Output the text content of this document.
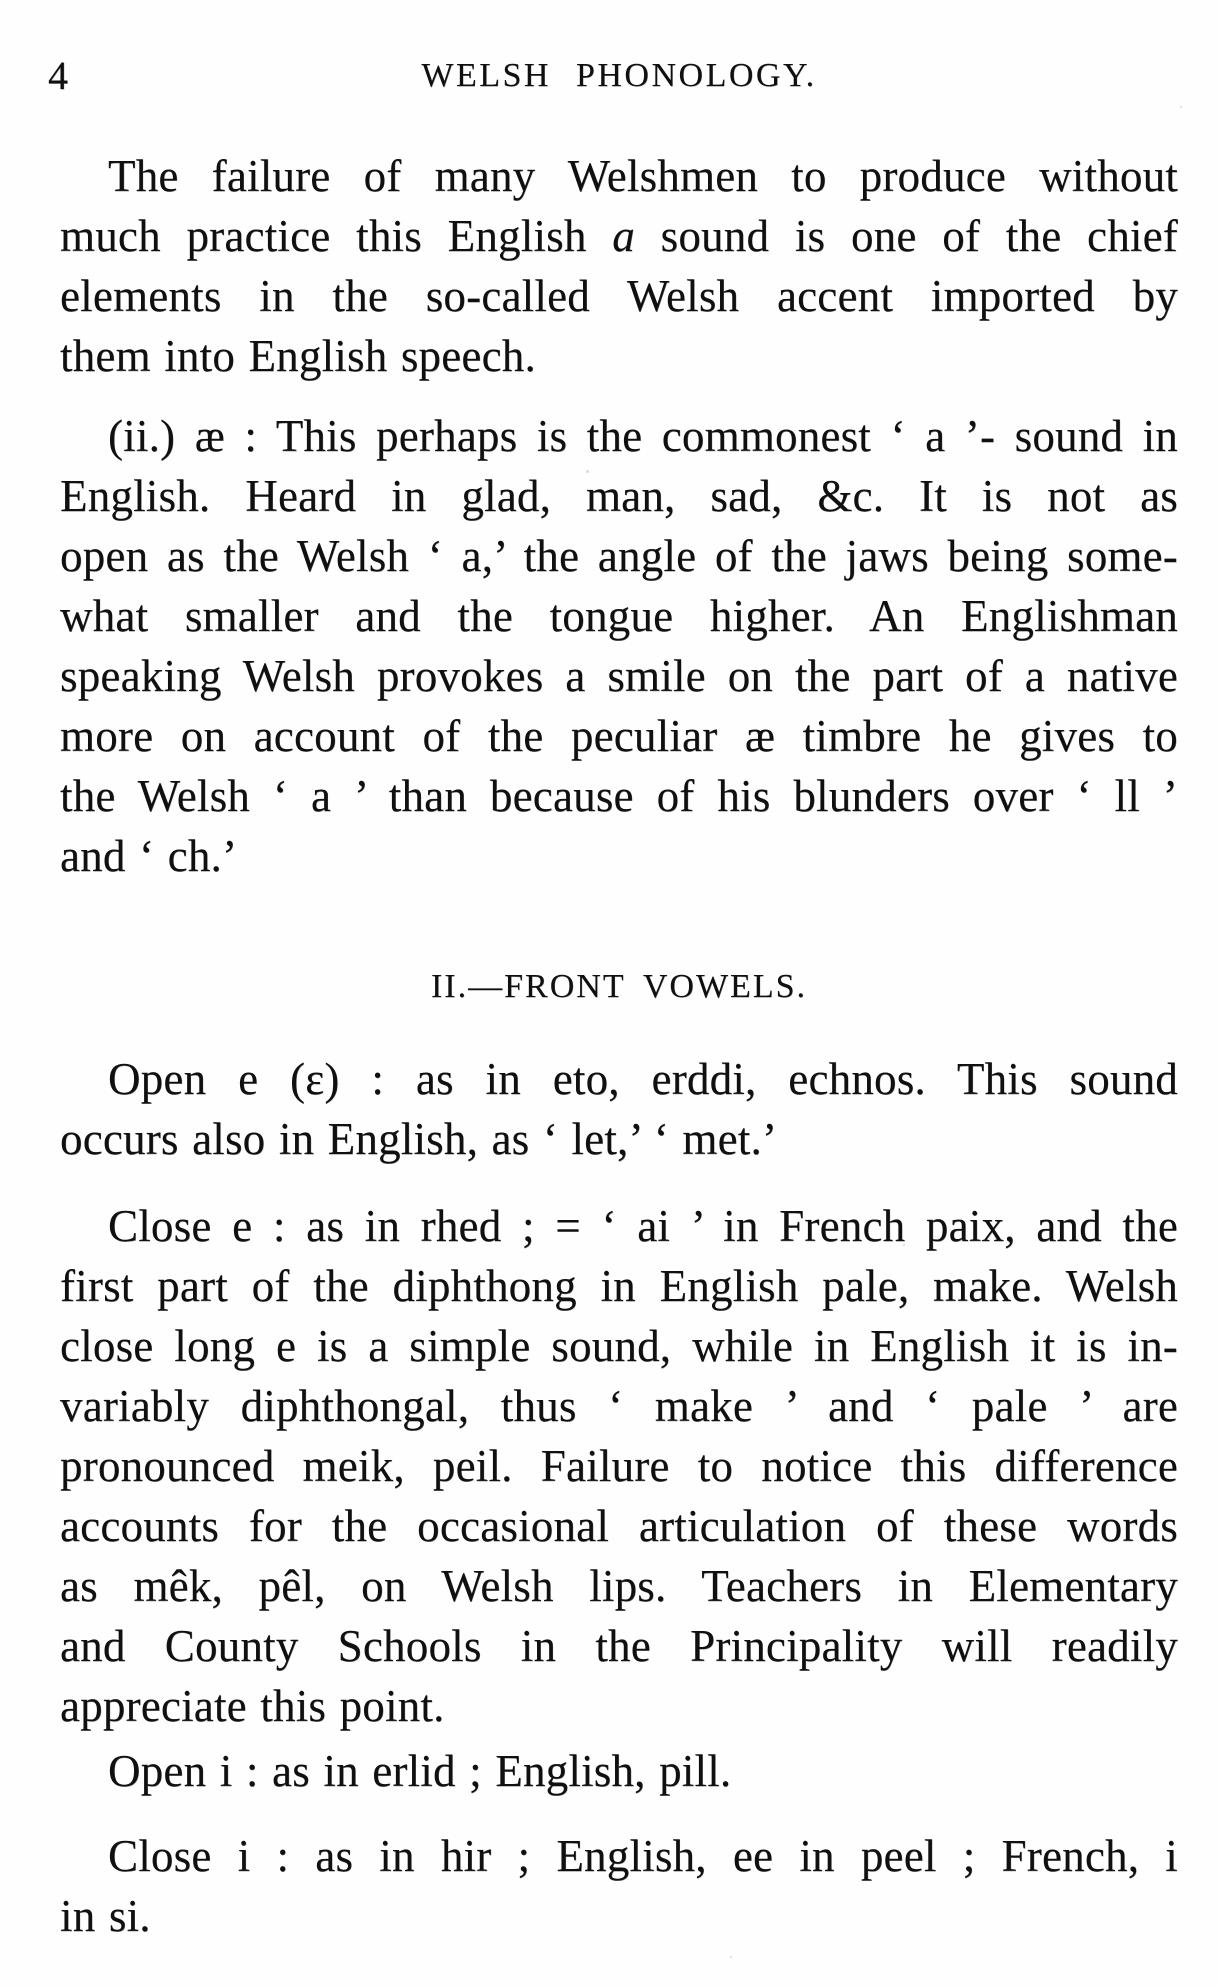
4	WELSH PHONOLOGY.
The failure of many Welshmen to produce without
much practice this English a sound is one of the chief
elements in the so-called Welsh accent imported by
them into English speech.
(ii.) æ : This perhaps is the commonest ‘ a ’- sound in
English. Heard in glad, man, sad, &c. It is not as
open as the Welsh ‘ a,’ the angle of the jaws being some-
what smaller and the tongue higher. An Englishman
speaking Welsh provokes a smile on the part of a native
more on account of the peculiar æ timbre he gives to
the Welsh ‘ a ’ than because of his blunders over ‘ ll ’
and ‘ ch.’
II.—FRONT VOWELS.
Open e (ε) : as in eto, erddi, echnos. This sound
occurs also in English, as ‘ let,’ ‘ met.’
Close e : as in rhed ; = ‘ ai ’ in French paix, and the
first part of the diphthong in English pale, make. Welsh
close long e is a simple sound, while in English it is in-
variably diphthongal, thus ‘ make ’ and ‘ pale ’ are
pronounced meik, peil. Failure to notice this difference
accounts for the occasional articulation of these words
as mêk, pêl, on Welsh lips. Teachers in Elementary
and County Schools in the Principality will readily
appreciate this point.
Open i : as in erlid ; English, pill.
Close i : as in hir ; English, ee in peel ; French, i
in si.
